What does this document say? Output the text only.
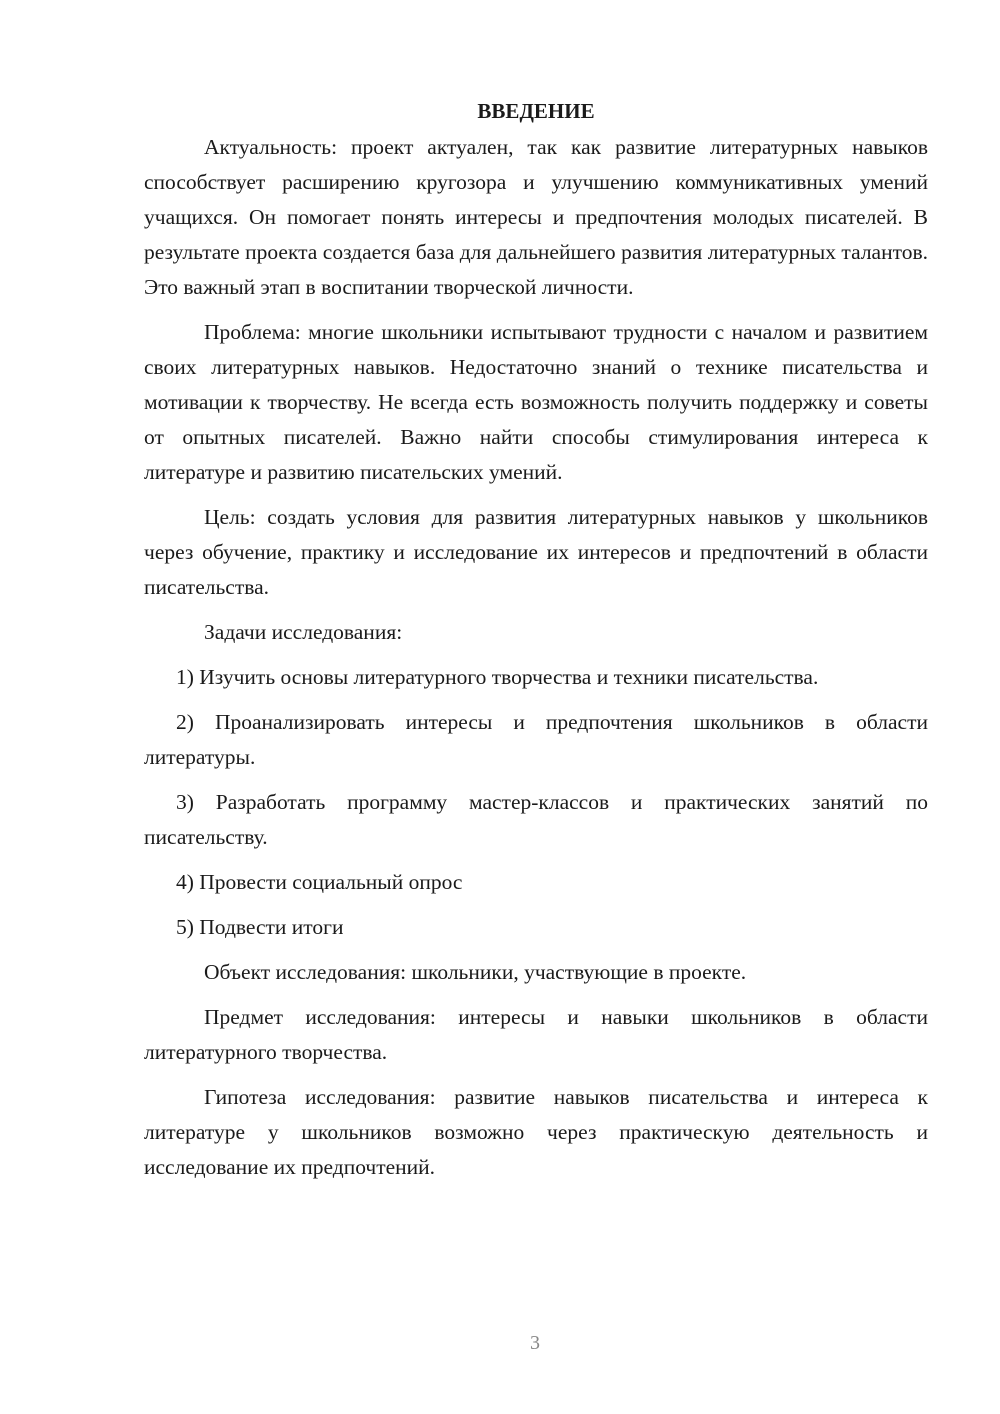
ВВЕДЕНИЕ

Актуальность: проект актуален, так как развитие литературных навыков способствует расширению кругозора и улучшению коммуникативных умений учащихся. Он помогает понять интересы и предпочтения молодых писателей. В результате проекта создается база для дальнейшего развития литературных талантов. Это важный этап в воспитании творческой личности.

Проблема: многие школьники испытывают трудности с началом и развитием своих литературных навыков. Недостаточно знаний о технике писательства и мотивации к творчеству. Не всегда есть возможность получить поддержку и советы от опытных писателей. Важно найти способы стимулирования интереса к литературе и развитию писательских умений.

Цель: создать условия для развития литературных навыков у школьников через обучение, практику и исследование их интересов и предпочтений в области писательства.

Задачи исследования:

1) Изучить основы литературного творчества и техники писательства.

2) Проанализировать интересы и предпочтения школьников в области литературы.

3) Разработать программу мастер-классов и практических занятий по писательству.

4) Провести социальный опрос

5) Подвести итоги

Объект исследования: школьники, участвующие в проекте.

Предмет исследования: интересы и навыки школьников в области литературного творчества.

Гипотеза исследования: развитие навыков писательства и интереса к литературе у школьников возможно через практическую деятельность и исследование их предпочтений.

3
